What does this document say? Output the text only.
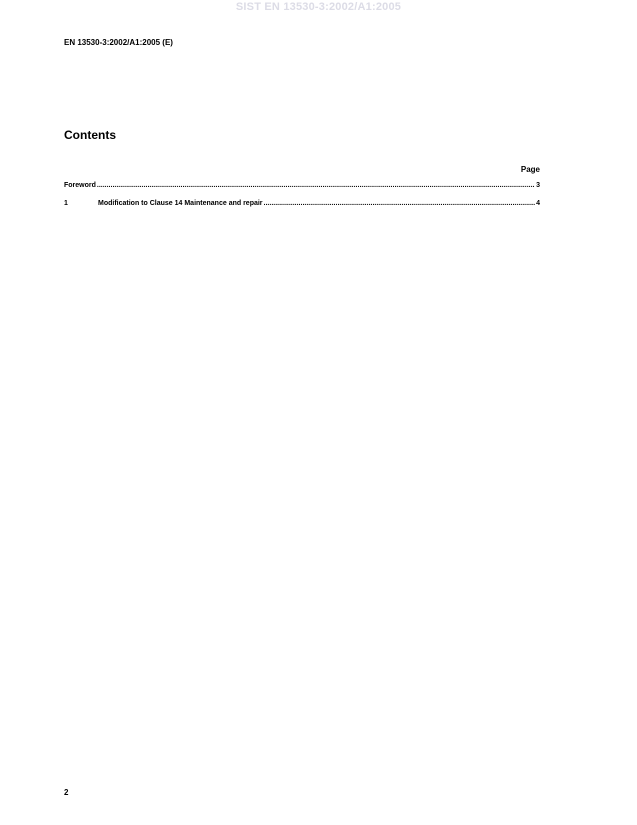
SIST EN 13530-3:2002/A1:2005
EN 13530-3:2002/A1:2005 (E)
Contents
Page
Foreword .....	3
1	Modification to Clause 14 Maintenance and repair .....	4
2
